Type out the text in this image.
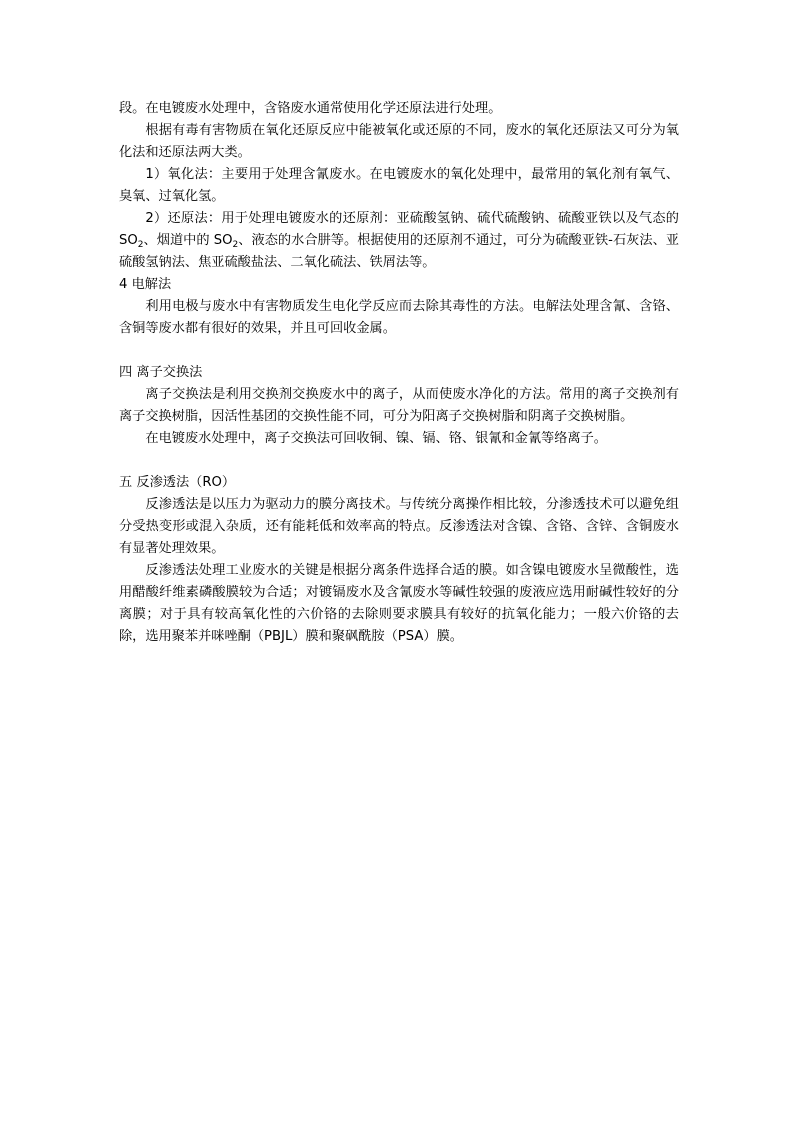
段。在电镀废水处理中，含铬废水通常使用化学还原法进行处理。

根据有毒有害物质在氧化还原反应中能被氧化或还原的不同，废水的氧化还原法又可分为氧化法和还原法两大类。

1）氧化法：主要用于处理含氰废水。在电镀废水的氧化处理中，最常用的氧化剂有氧气、臭氧、过氧化氢。

2）还原法：用于处理电镀废水的还原剂：亚硫酸氢钠、硫代硫酸钠、硫酸亚铁以及气态的 $SO_2$、烟道中的 $SO_2$、液态的水合肼等。根据使用的还原剂不通过，可分为硫酸亚铁-石灰法、亚硫酸氢钠法、焦亚硫酸盐法、二氧化硫法、铁屑法等。

4 电解法

利用电极与废水中有害物质发生电化学反应而去除其毒性的方法。电解法处理含氰、含铬、含铜等废水都有很好的效果，并且可回收金属。

四 离子交换法

离子交换法是利用交换剂交换废水中的离子，从而使废水净化的方法。常用的离子交换剂有离子交换树脂，因活性基团的交换性能不同，可分为阳离子交换树脂和阴离子交换树脂。

在电镀废水处理中，离子交换法可回收铜、镍、镉、铬、银氰和金氰等络离子。

五 反渗透法（RO）

反渗透法是以压力为驱动力的膜分离技术。与传统分离操作相比较，分渗透技术可以避免组分受热变形或混入杂质，还有能耗低和效率高的特点。反渗透法对含镍、含铬、含锌、含铜废水有显著处理效果。

反渗透法处理工业废水的关键是根据分离条件选择合适的膜。如含镍电镀废水呈微酸性，选用醋酸纤维素磷酸膜较为合适；对镀镉废水及含氰废水等碱性较强的废液应选用耐碱性较好的分离膜；对于具有较高氧化性的六价铬的去除则要求膜具有较好的抗氧化能力；一般六价铬的去除，选用聚苯并咪唑酮（PBJL）膜和聚砜酰胺（PSA）膜。
